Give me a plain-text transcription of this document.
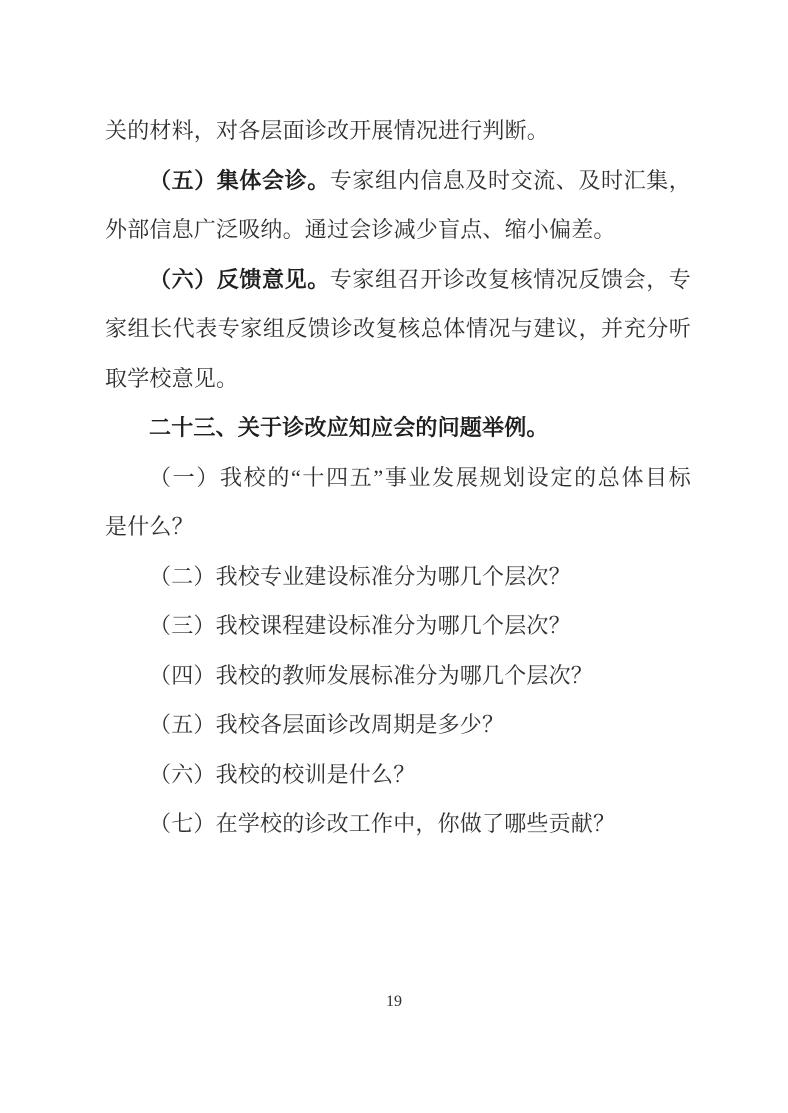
关的材料，对各层面诊改开展情况进行判断。
（五）集体会诊。专家组内信息及时交流、及时汇集，
外部信息广泛吸纳。通过会诊减少盲点、缩小偏差。
（六）反馈意见。专家组召开诊改复核情况反馈会，专
家组长代表专家组反馈诊改复核总体情况与建议，并充分听
取学校意见。
二十三、关于诊改应知应会的问题举例。
（一）我校的“十四五”事业发展规划设定的总体目标
是什么？
（二）我校专业建设标准分为哪几个层次？
（三）我校课程建设标准分为哪几个层次？
（四）我校的教师发展标准分为哪几个层次？
（五）我校各层面诊改周期是多少？
（六）我校的校训是什么？
（七）在学校的诊改工作中，你做了哪些贡献？
19
